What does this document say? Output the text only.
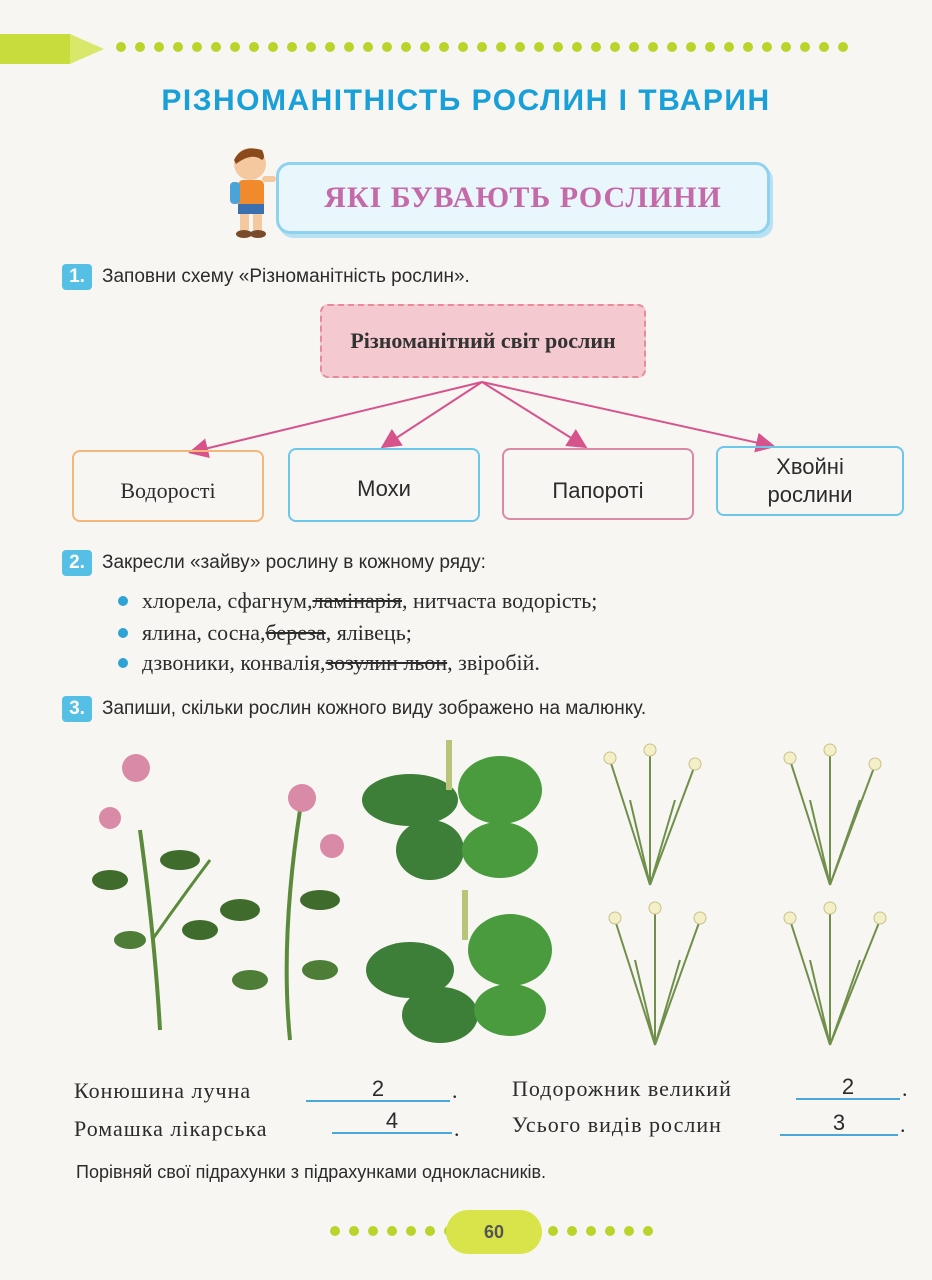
РІЗНОМАНІТНІСТЬ РОСЛИН І ТВАРИН
ЯКІ БУВАЮТЬ РОСЛИНИ
1. Заповни схему «Різноманітність рослин».
Різноманітний світ рослин
Водорості	Мохи	Папороті
Хвойні рослини
2. Закресли «зайву» рослину в кожному ряду:
хлорела, сфагнум, ламінарія , нитчаста водорість;
ялина, сосна, береза , ялівець;
дзвоники, конвалія, зозулин льон , звіробій.
3. Запиши, скільки рослин кожного виду зображено на малюнку.
Конюшина лучна	2	. Подорожник великий	2	.
Ромашка лікарська	4	. Усього видів рослин	3	.
Порівняй свої підрахунки з підрахунками однокласників.
60
